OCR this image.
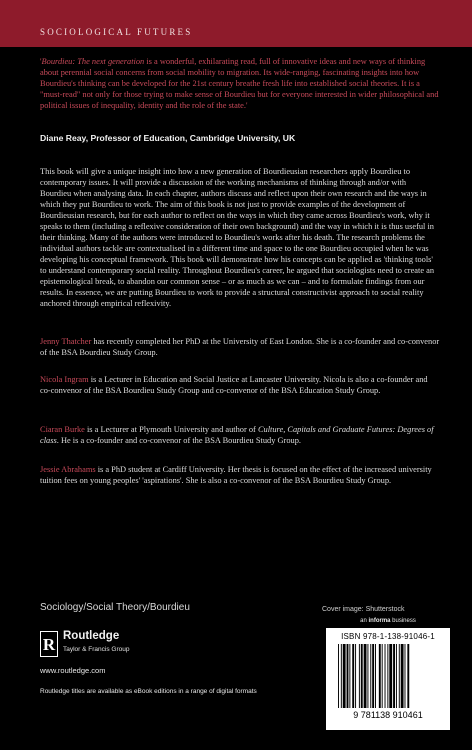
SOCIOLOGICAL FUTURES

'Bourdieu: The next generation is a wonderful, exhilarating read, full of innovative ideas and new ways of thinking about perennial social concerns from social mobility to migration. Its wide-ranging, fascinating insights into how Bourdieu's thinking can be developed for the 21st century breathe fresh life into established social theories. It is a "must-read" not only for those trying to make sense of Bourdieu but for everyone interested in wider philosophical and political issues of inequality, identity and the role of the state.'

Diane Reay, Professor of Education, Cambridge University, UK

This book will give a unique insight into how a new generation of Bourdieusian researchers apply Bourdieu to contemporary issues. It will provide a discussion of the working mechanisms of thinking through and/or with Bourdieu when analysing data. In each chapter, authors discuss and reflect upon their own research and the ways in which they put Bourdieu to work. The aim of this book is not just to provide examples of the development of Bourdieusian research, but for each author to reflect on the ways in which they came across Bourdieu's work, why it speaks to them (including a reflexive consideration of their own background) and the way in which it is thus useful in their thinking. Many of the authors were introduced to Bourdieu's works after his death. The research problems the individual authors tackle are contextualised in a different time and space to the one Bourdieu occupied when he was developing his conceptual framework. This book will demonstrate how his concepts can be applied as 'thinking tools' to understand contemporary social reality. Throughout Bourdieu's career, he argued that sociologists need to create an epistemological break, to abandon our common sense – or as much as we can – and to formulate findings from our results. In essence, we are putting Bourdieu to work to provide a structural constructivist approach to social reality anchored through empirical reflexivity.

Jenny Thatcher has recently completed her PhD at the University of East London. She is a co-founder and co-convenor of the BSA Bourdieu Study Group.

Nicola Ingram is a Lecturer in Education and Social Justice at Lancaster University. Nicola is also a co-founder and co-convenor of the BSA Bourdieu Study Group and co-convenor of the BSA Education Study Group.

Ciaran Burke is a Lecturer at Plymouth University and author of Culture, Capitals and Graduate Futures: Degrees of class. He is a co-founder and co-convenor of the BSA Bourdieu Study Group.

Jessie Abrahams is a PhD student at Cardiff University. Her thesis is focused on the effect of the increased university tuition fees on young peoples' 'aspirations'. She is also a co-convenor of the BSA Bourdieu Study Group.

Sociology/Social Theory/Bourdieu	Cover image: Shutterstock
R Routledge
Taylor & Francis Group
www.routledge.com
Routledge titles are available as eBook editions in a range of digital formats
an informa business
ISBN 978-1-138-91046-1
9 781138 910461
